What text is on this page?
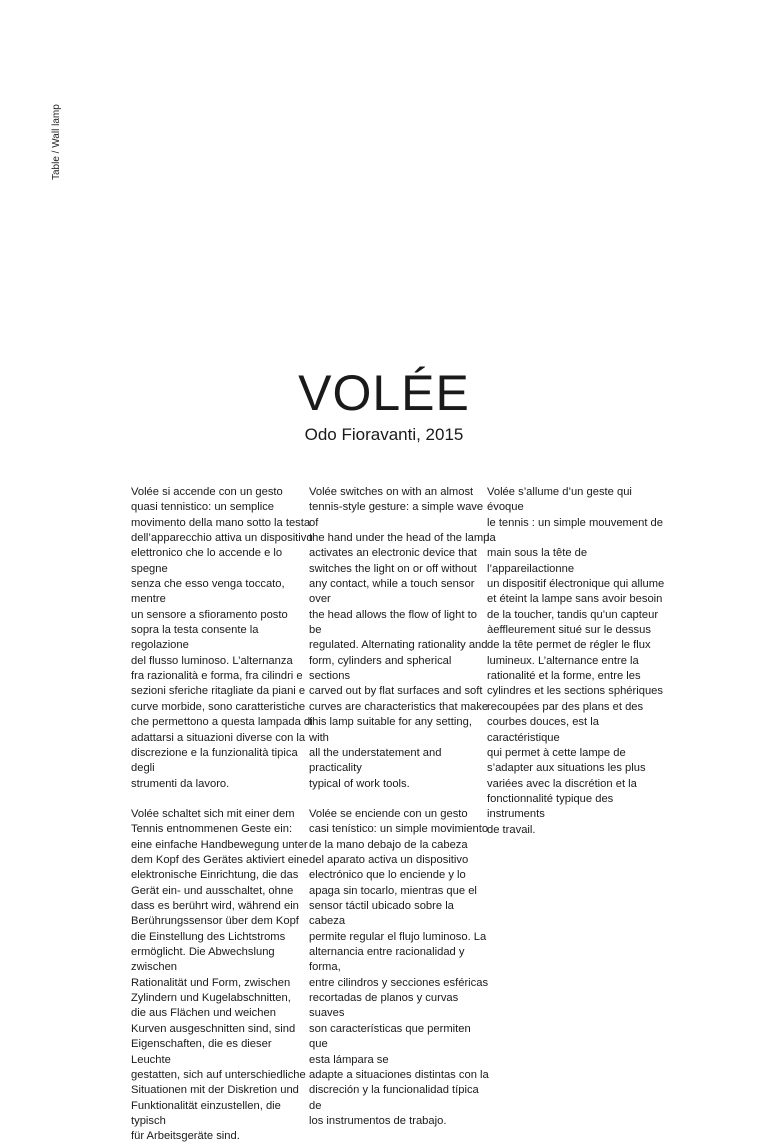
Table / Wall lamp
VOLÉE
Odo Fioravanti, 2015
Volée si accende con un gesto
quasi tennistico: un semplice
movimento della mano sotto la testa
dell’apparecchio attiva un dispositivo
elettronico che lo accende e lo spegne
senza che esso venga toccato, mentre
un sensore a sfioramento posto
sopra la testa consente la regolazione
del flusso luminoso. L’alternanza
fra razionalità e forma, fra cilindri e
sezioni sferiche ritagliate da piani e
curve morbide, sono caratteristiche
che permettono a questa lampada di
adattarsi a situazioni diverse con la
discrezione e la funzionalità tipica degli
strumenti da lavoro.
Volée switches on with an almost
tennis-style gesture: a simple wave of
the hand under the head of the lamp
activates an electronic device that
switches the light on or off without
any contact, while a touch sensor over
the head allows the flow of light to be
regulated. Alternating rationality and
form, cylinders and spherical sections
carved out by flat surfaces and soft
curves are characteristics that make
this lamp suitable for any setting, with
all the understatement and practicality
typical of work tools.
Volée s’allume d’un geste qui évoque
le tennis : un simple mouvement de la
main sous la tête de l’appareilactionne
un dispositif électronique qui allume
et éteint la lampe sans avoir besoin
de la toucher, tandis qu’un capteur
àeffleurement situé sur le dessus
de la tête permet de régler le flux
lumineux. L’alternance entre la
rationalité et la forme, entre les
cylindres et les sections sphériques
recoupées par des plans et des
courbes douces, est la caractéristique
qui permet à cette lampe de
s’adapter aux situations les plus
variées avec la discrétion et la
fonctionnalité typique des instruments
de travail.
Volée schaltet sich mit einer dem
Tennis entnommenen Geste ein:
eine einfache Handbewegung unter
dem Kopf des Gerätes aktiviert eine
elektronische Einrichtung, die das
Gerät ein- und ausschaltet, ohne
dass es berührt wird, während ein
Berührungssensor über dem Kopf
die Einstellung des Lichtstroms
ermöglicht. Die Abwechslung zwischen
Rationalität und Form, zwischen
Zylindern und Kugelabschnitten,
die aus Flächen und weichen
Kurven ausgeschnitten sind, sind
Eigenschaften, die es dieser Leuchte
gestatten, sich auf unterschiedliche
Situationen mit der Diskretion und
Funktionalität einzustellen, die typisch
für Arbeitsgeräte sind.
Volée se enciende con un gesto
casi tenístico: un simple movimiento
de la mano debajo de la cabeza
del aparato activa un dispositivo
electrónico que lo enciende y lo
apaga sin tocarlo, mientras que el
sensor táctil ubicado sobre la cabeza
permite regular el flujo luminoso. La
alternancia entre racionalidad y forma,
entre cilindros y secciones esféricas
recortadas de planos y curvas suaves
son características que permiten que
esta lámpara se
adapte a situaciones distintas con la
discreción y la funcionalidad típica de
los instrumentos de trabajo.
